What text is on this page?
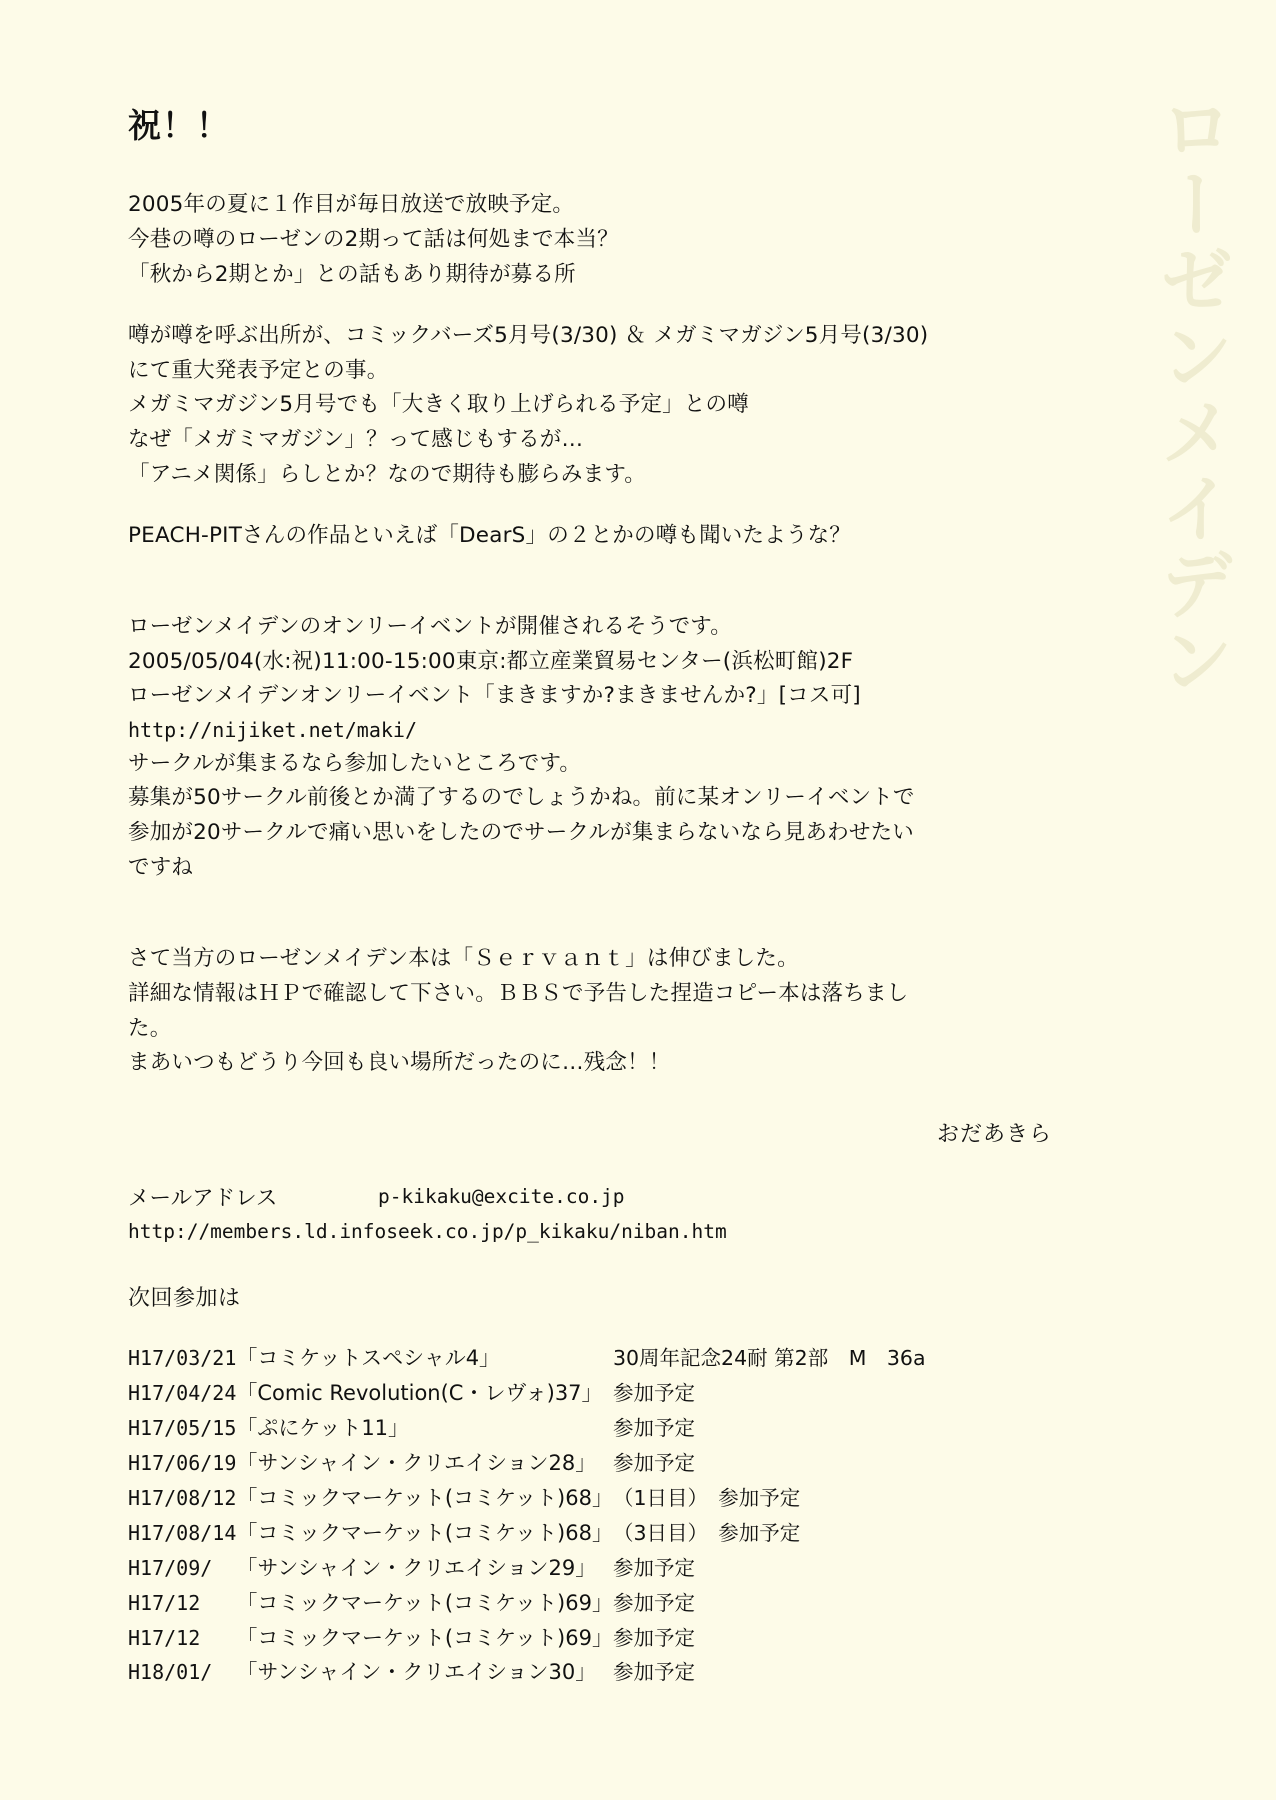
ローゼンメイデン
祝！！
2005年の夏に１作目が毎日放送で放映予定。
今巷の噂のローゼンの2期って話は何処まで本当？
「秋から2期とか」との話もあり期待が募る所
噂が噂を呼ぶ出所が、コミックバーズ5月号(3/30) ＆ メガミマガジン5月号(3/30)
にて重大発表予定との事。
メガミマガジン5月号でも「大きく取り上げられる予定」との噂
なぜ「メガミマガジン」？って感じもするが…
「アニメ関係」らしとか？なので期待も膨らみます。
PEACH-PITさんの作品といえば「DearS」の２とかの噂も聞いたような？
ローゼンメイデンのオンリーイベントが開催されるそうです。
2005/05/04(水:祝)11:00-15:00東京:都立産業貿易センター(浜松町館)2F
ローゼンメイデンオンリーイベント「まきますか?まきませんか?」[コス可]
http://nijiket.net/maki/
サークルが集まるなら参加したいところです。
募集が50サークル前後とか満了するのでしょうかね。前に某オンリーイベントで
参加が20サークルで痛い思いをしたのでサークルが集まらないなら見あわせたい
ですね
さて当方のローゼンメイデン本は「Ｓｅｒｖａｎｔ」は伸びました。
詳細な情報はＨＰで確認して下さい。ＢＢＳで予告した捏造コピー本は落ちまし
た。
まあいつもどうり今回も良い場所だったのに…残念！！
おだあきら
メールアドレス	p-kikaku@excite.co.jp
http://members.ld.infoseek.co.jp/p_kikaku/niban.htm
次回参加は
H17/03/21	「コミケットスペシャル4」	30周年記念24耐 第2部　M　36a
H17/04/24	「Comic Revolution(C・レヴォ)37」	参加予定
H17/05/15	「ぷにケット11」	参加予定
H17/06/19	「サンシャイン・クリエイション28」	参加予定
H17/08/12	「コミックマーケット(コミケット)68」	（1日目）　参加予定
H17/08/14	「コミックマーケット(コミケット)68」	（3日目）　参加予定
H17/09/	「サンシャイン・クリエイション29」	参加予定
H17/12	「コミックマーケット(コミケット)69」	参加予定
H17/12	「コミックマーケット(コミケット)69」	参加予定
H18/01/	「サンシャイン・クリエイション30」	参加予定
